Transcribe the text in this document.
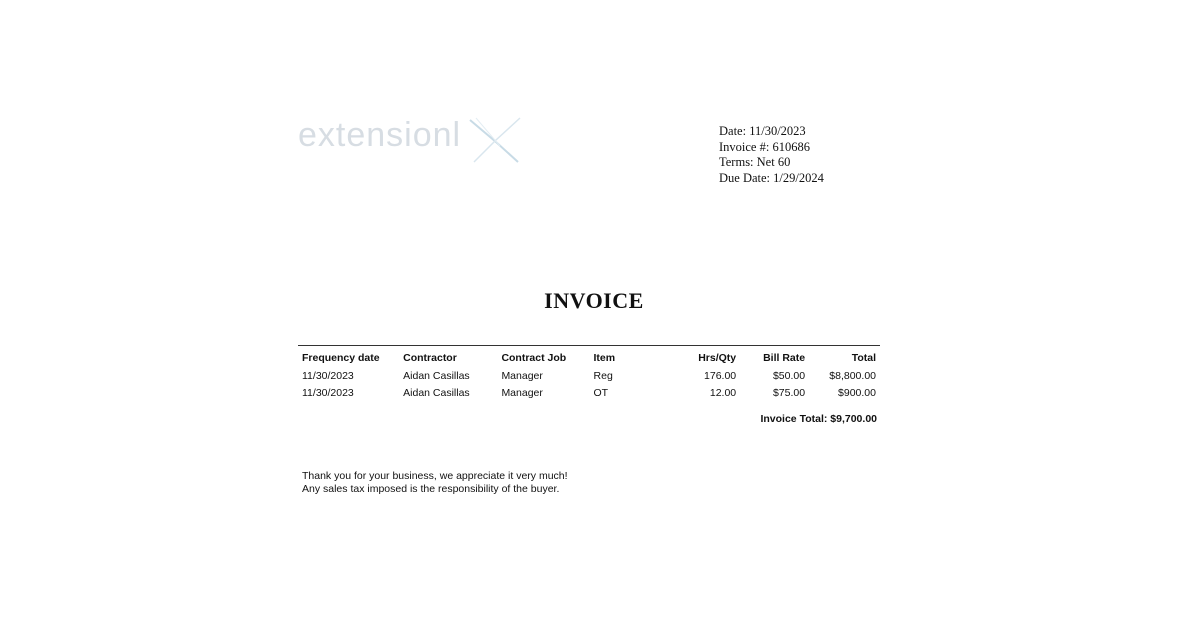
extensionl	Date: 11/30/2023
Invoice #: 610686
Terms: Net 60
Due Date: 1/29/2024
INVOICE
Frequency date	Contractor	Contract Job	Item	Hrs/Qty	Bill Rate	Total
11/30/2023	Aidan Casillas	Manager	Reg	176.00	$50.00	$8,800.00
11/30/2023	Aidan Casillas	Manager	OT	12.00	$75.00	$900.00
Invoice Total: $9,700.00
Thank you for your business, we appreciate it very much!
Any sales tax imposed is the responsibility of the buyer.
